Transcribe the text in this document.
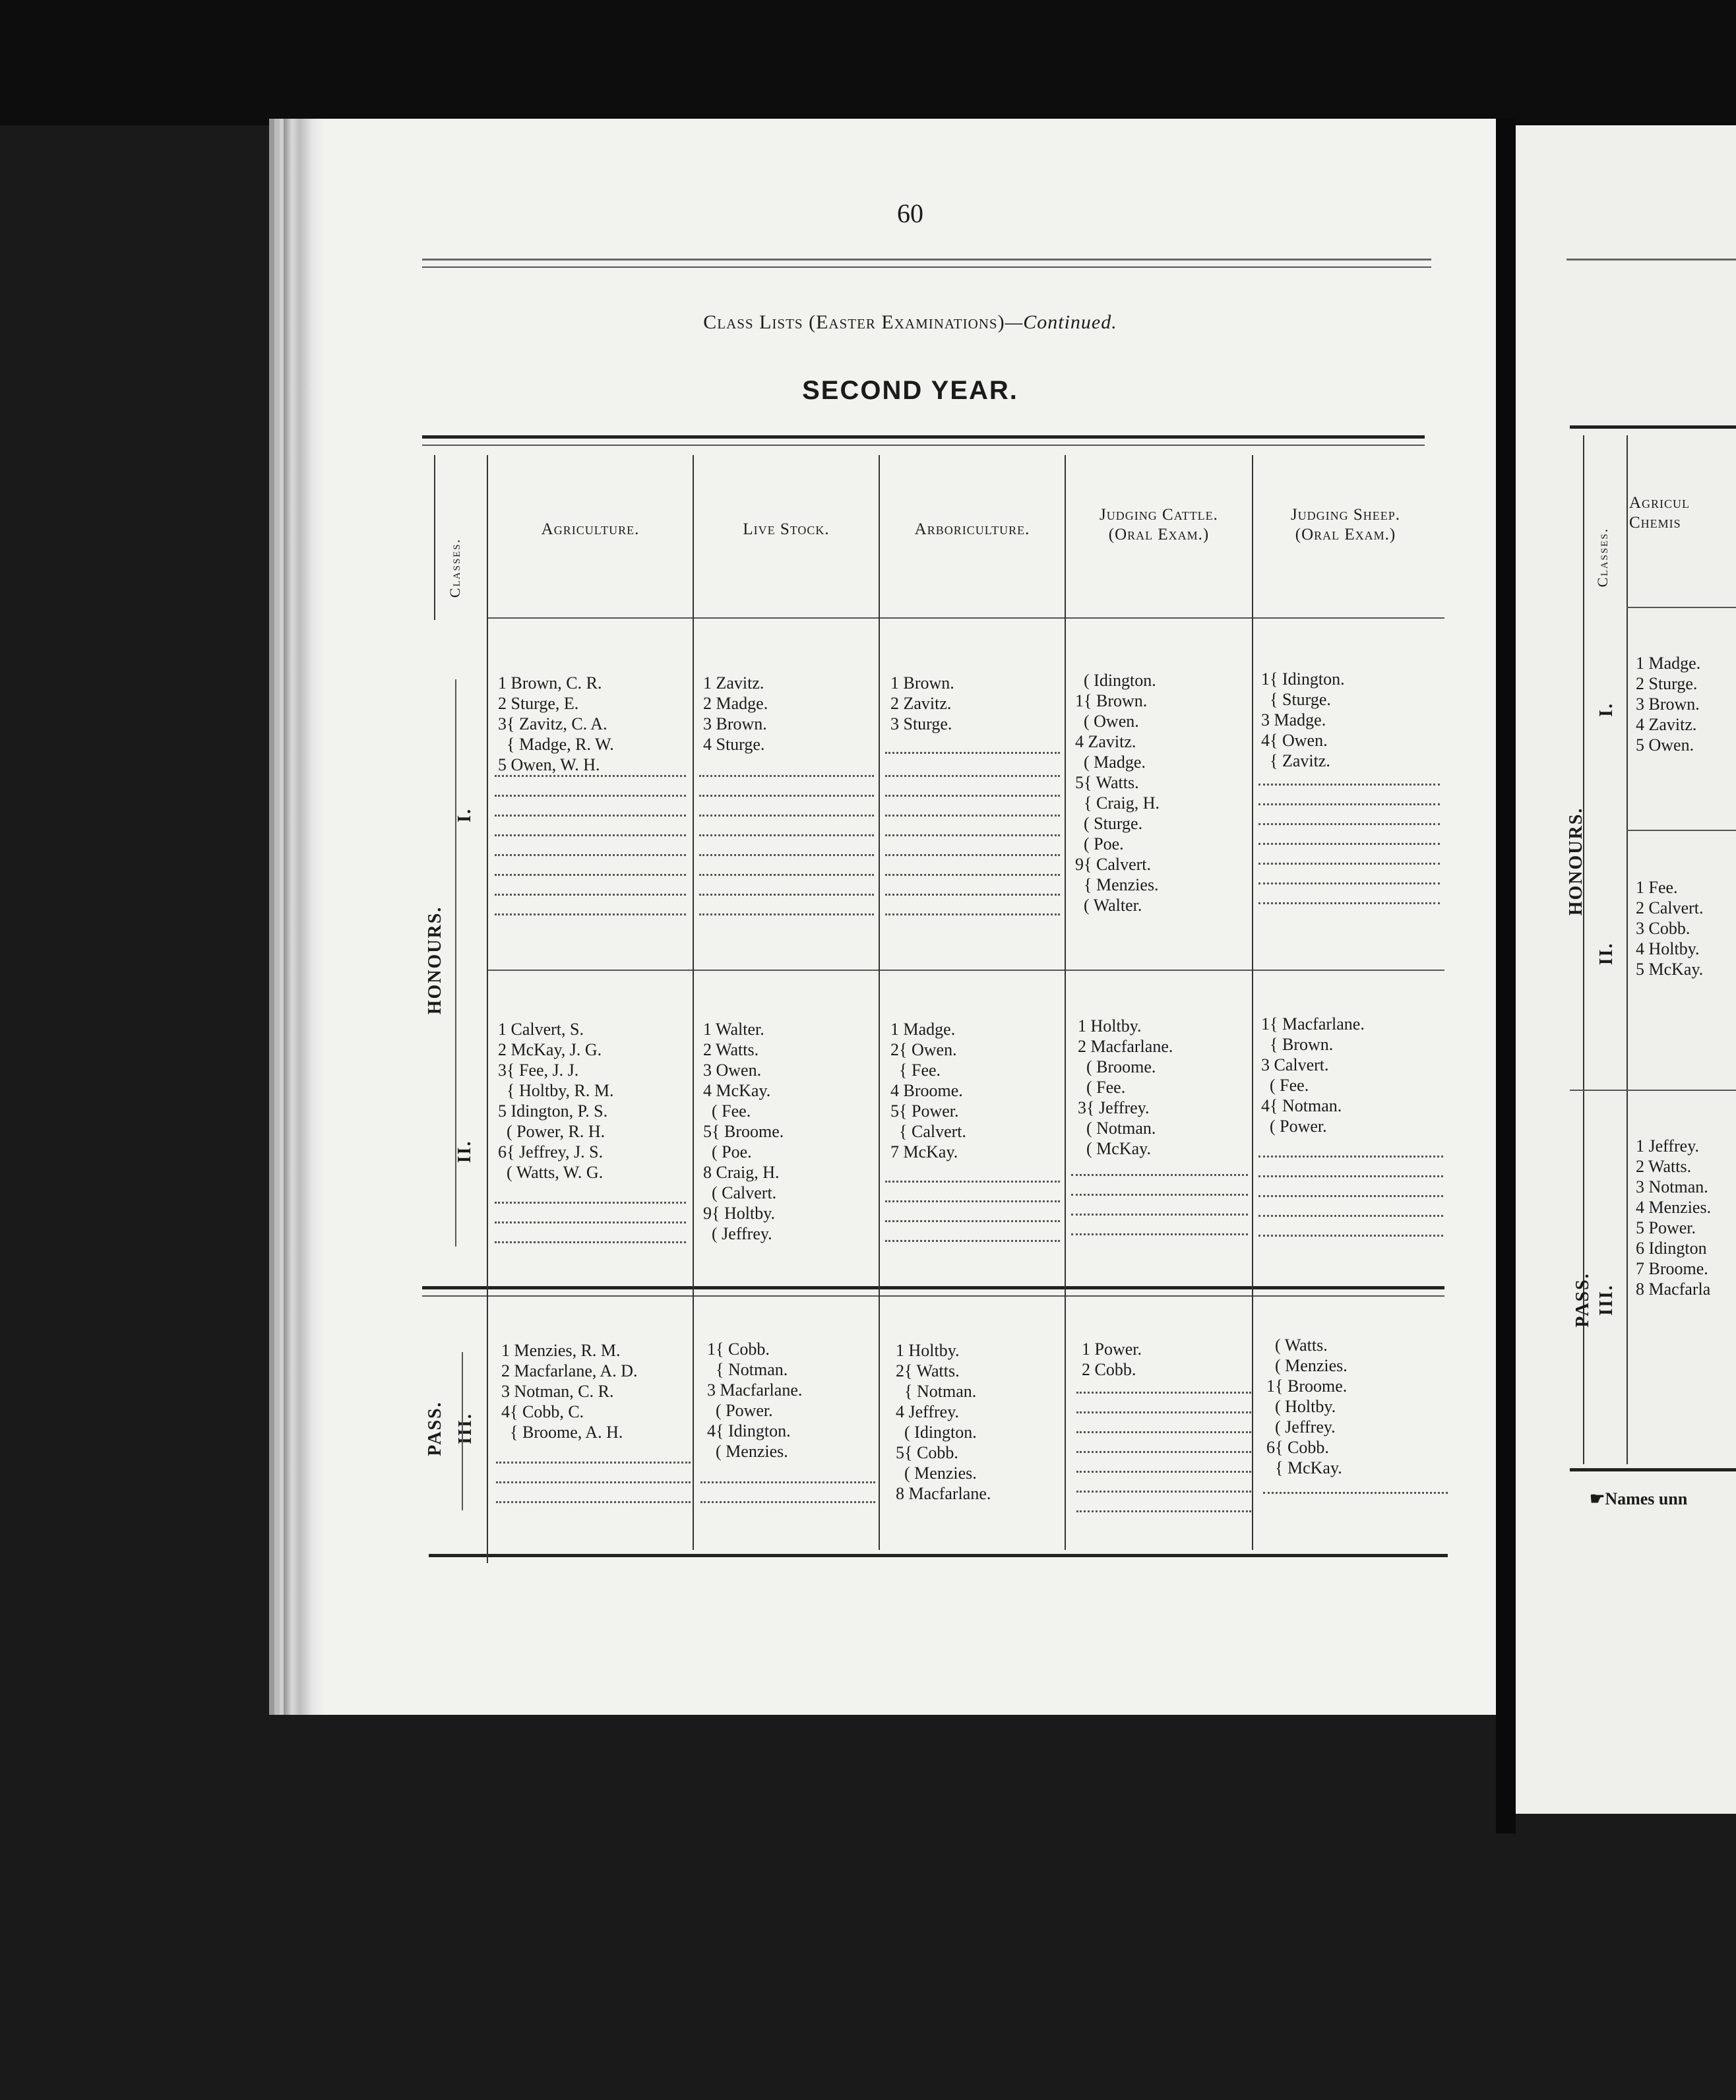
60
Class Lists (Easter Examinations)—Continued.
SECOND YEAR.
Agriculture.	Live Stock.	Arboriculture.
Judging Cattle.
(Oral Exam.)
Judging Sheep.
(Oral Exam.)
Classes.
HONOURS.
I.
II.
PASS. III.
1 Brown, C. R.
2 Sturge, E.
3{ Zavitz, C. A.
{ Madge, R. W.
5 Owen, W. H.
1 Zavitz.
2 Madge.
3 Brown.
4 Sturge.
1 Brown.
2 Zavitz.
3 Sturge.
( Idington.
1{ Brown.
( Owen.
4 Zavitz.
( Madge.
5{ Watts.
{ Craig, H.
( Sturge.
( Poe.
9{ Calvert.
{ Menzies.
( Walter.
1{ Idington.
{ Sturge.
3 Madge.
4{ Owen.
{ Zavitz.
1 Calvert, S.
2 McKay, J. G.
3{ Fee, J. J.
{ Holtby, R. M.
5 Idington, P. S.
( Power, R. H.
6{ Jeffrey, J. S.
( Watts, W. G.
1 Walter.
2 Watts.
3 Owen.
4 McKay.
( Fee.
5{ Broome.
( Poe.
8 Craig, H.
( Calvert.
9{ Holtby.
( Jeffrey.
1 Madge.
2{ Owen.
{ Fee.
4 Broome.
5{ Power.
{ Calvert.
7 McKay.
1 Holtby.
2 Macfarlane.
( Broome.
( Fee.
3{ Jeffrey.
( Notman.
( McKay.
1{ Macfarlane.
{ Brown.
3 Calvert.
( Fee.
4{ Notman.
( Power.
1 Menzies, R. M.
2 Macfarlane, A. D.
3 Notman, C. R.
4{ Cobb, C.
{ Broome, A. H.
1{ Cobb.
{ Notman.
3 Macfarlane.
( Power.
4{ Idington.
( Menzies.
1 Holtby.
2{ Watts.
{ Notman.
4 Jeffrey.
( Idington.
5{ Cobb.
( Menzies.
8 Macfarlane.
1 Power.
2 Cobb.
( Watts.
( Menzies.
1{ Broome.
( Holtby.
( Jeffrey.
6{ Cobb.
{ McKay.
Agricul
Chemis
Classes.
HONOURS.
I.
II.
PASS. III.
1 Madge.
2 Sturge.
3 Brown.
4 Zavitz.
5 Owen.
1 Fee.
2 Calvert.
3 Cobb.
4 Holtby.
5 McKay.
1 Jeffrey.
2 Watts.
3 Notman.
4 Menzies.
5 Power.
6 Idington
7 Broome.
8 Macfarla
☛Names unn
